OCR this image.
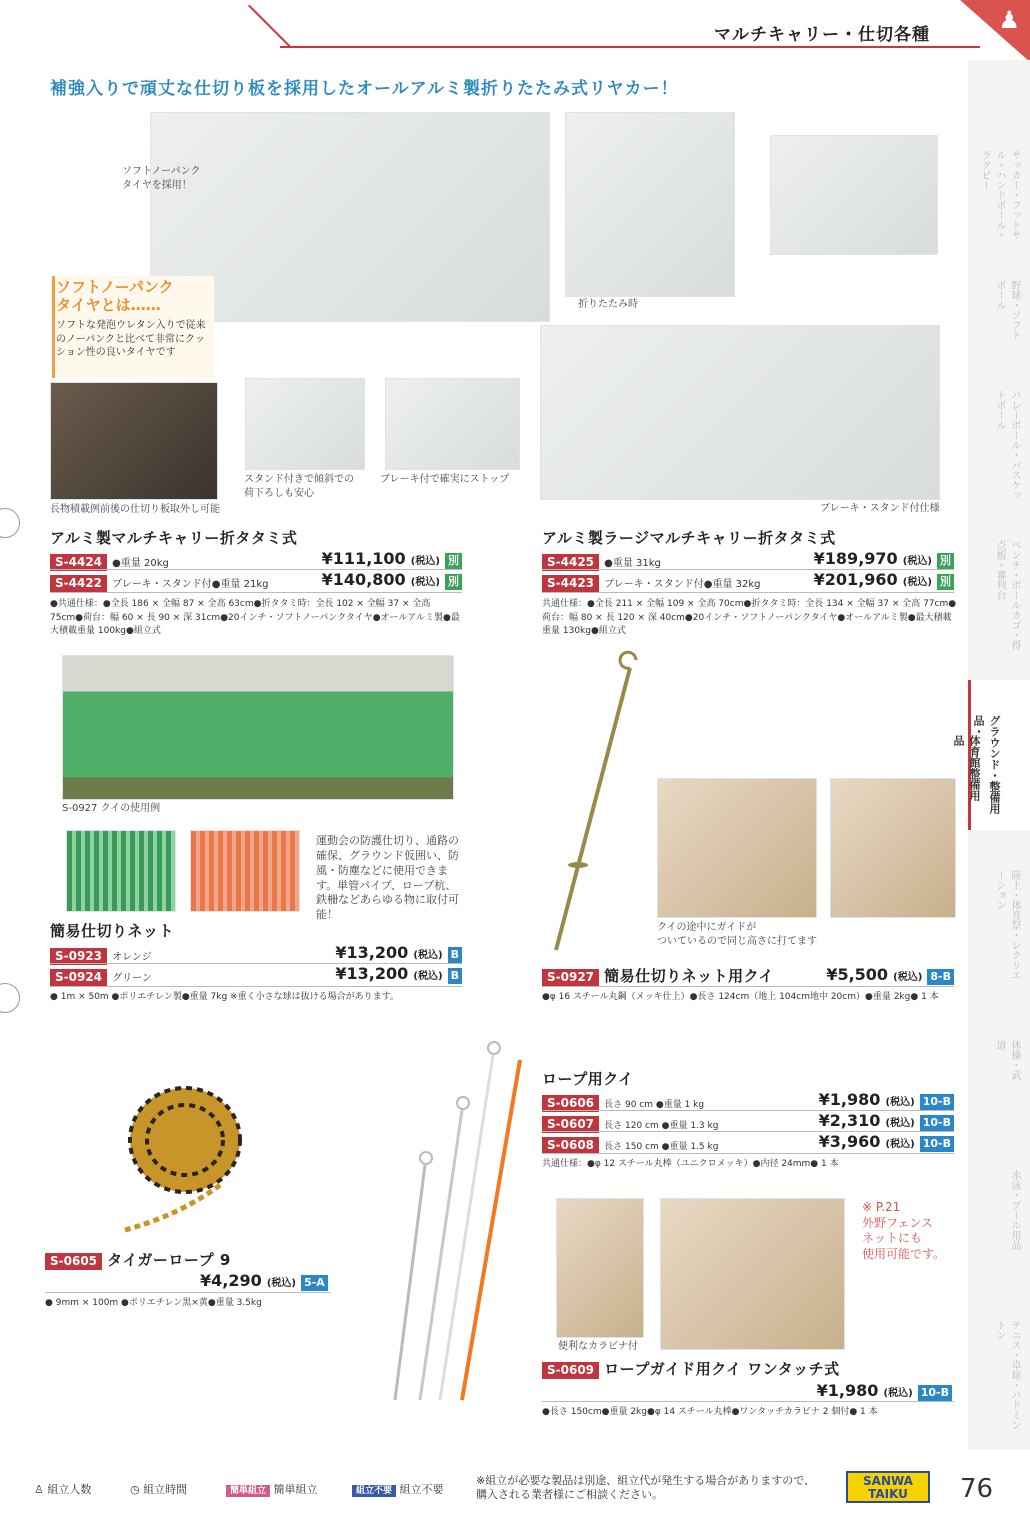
マルチキャリー・仕切各種
♟
補強入りで頑丈な仕切り板を採用したオールアルミ製折りたたみ式リヤカー！
サッカー・フットサル・ハンドボール・ラグビー
野球・ソフトボール
バレーボール・バスケットボール
ベンチ・ボールカゴ・得点板・審判台
グラウンド・整備用品・
体育館整備用品
陸上・体育祭・レクリエーション
体操・武道
水泳・プール用品
テニス・卓球・バドミントン
ソフトノーパンク
タイヤを採用！
折りたたみ時
ソフトノーパンク
タイヤとは……
ソフトな発泡ウレタン入りで従来のノーパンクと比べて非常にクッション性の良いタイヤです
長物積載例前後の仕切り板取外し可能
スタンド付きで傾斜での
荷下ろしも安心
ブレーキ付で確実にストップ
ブレーキ・スタンド付仕様
アルミ製マルチキャリー折タタミ式
S-4424 ●重量 20kg	¥111,100 (税込) 別
S-4422 ブレーキ・スタンド付●重量 21kg	¥140,800 (税込) 別
●共通仕様：●全長 186 × 全幅 87 × 全高 63cm●折タタミ時：全長 102 × 全幅 37 × 全高 75cm●荷台：幅 60 × 長 90 × 深 31cm●20インチ・ソフトノーパンクタイヤ●オールアルミ製●最大積載重量 100kg●組立式
アルミ製ラージマルチキャリー折タタミ式
S-4425 ●重量 31kg	¥189,970 (税込) 別
S-4423 ブレーキ・スタンド付●重量 32kg	¥201,960 (税込) 別
共通仕様：●全長 211 × 全幅 109 × 全高 70cm●折タタミ時：全長 134 × 全幅 37 × 全高 77cm●荷台：幅 80 × 長 120 × 深 40cm●20インチ・ソフトノーパンクタイヤ●オールアルミ製●最大積載重量 130kg●組立式
S-0927 クイの使用例
運動会の防護仕切り、通路の確保、グラウンド仮囲い、防風・防塵などに使用できます。単管パイプ、ロープ杭、鉄柵などあらゆる物に取付可能！
簡易仕切りネット
S-0923 オレンジ	¥13,200 (税込) B
S-0924 グリーン	¥13,200 (税込) B
● 1m × 50m ●ポリエチレン製●重量 7kg ※重く小さな球は抜ける場合があります。
クイの途中にガイドが
ついているので同じ高さに打てます
S-0927 簡易仕切りネット用クイ	¥5,500 (税込) 8-B
●φ 16 スチール丸鋼（メッキ仕上）●長さ 124cm（地上 104cm地中 20cm）●重量 2kg● 1 本
S-0605 タイガーロープ 9
¥4,290 (税込) 5-A
● 9mm × 100m ●ポリエチレン黒×黄●重量 3.5kg
ロープ用クイ
S-0606 長さ 90 cm ●重量 1 kg	¥1,980 (税込) 10-B
S-0607 長さ 120 cm ●重量 1.3 kg	¥2,310 (税込) 10-B
S-0608 長さ 150 cm ●重量 1.5 kg	¥3,960 (税込) 10-B
共通仕様：●φ 12 スチール丸棒（ユニクロメッキ）●内径 24mm● 1 本
便利なカラビナ付
※ P.21
外野フェンス
ネットにも
使用可能です。
S-0609 ロープガイド用クイ ワンタッチ式
¥1,980 (税込) 10-B
●長さ 150cm●重量 2kg●φ 14 スチール丸棒●ワンタッチカラビナ 2 個付● 1 本
♙ 組立人数	◷ 組立時間	簡単組立 簡単組立	組立不要 組立不要
※組立が必要な製品は別途、組立代が発生する場合がありますので、
購入される業者様にご相談ください。
SANWA
TAIKU	76
